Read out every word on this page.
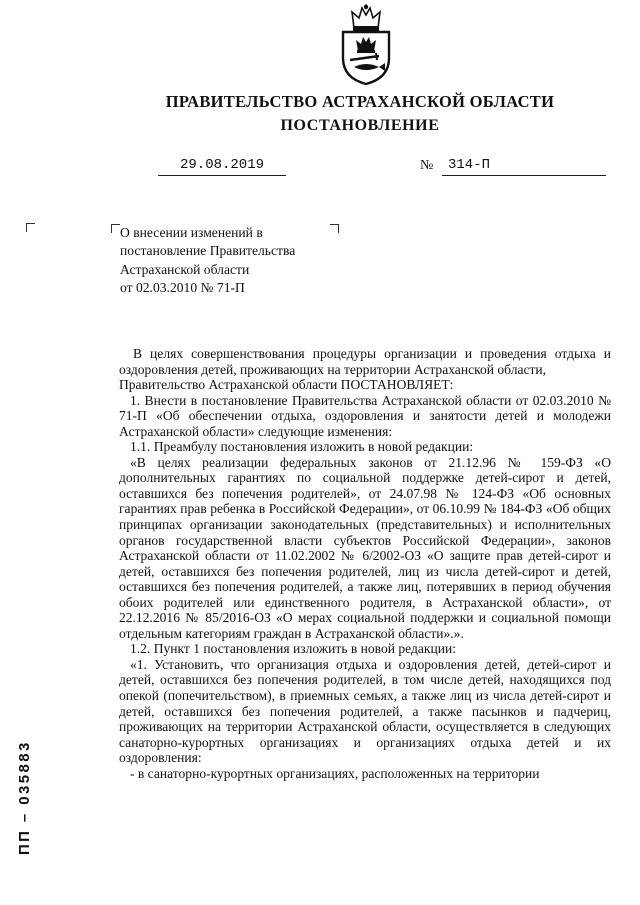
ПРАВИТЕЛЬСТВО АСТРАХАНСКОЙ ОБЛАСТИ
ПОСТАНОВЛЕНИЕ
29.08.2019	№ 314-П
О внесении изменений в
постановление Правительства
Астраханской области
от 02.03.2010 № 71-П
В целях совершенствования процедуры организации и проведения отдыха и оздоровления детей, проживающих на территории Астраханской области,
Правительство Астраханской области ПОСТАНОВЛЯЕТ:
1. Внести в постановление Правительства Астраханской области от 02.03.2010 № 71-П «Об обеспечении отдыха, оздоровления и занятости детей и молодежи Астраханской области» следующие изменения:
1.1. Преамбулу постановления изложить в новой редакции:
«В целях реализации федеральных законов от 21.12.96 № 159-ФЗ «О дополнительных гарантиях по социальной поддержке детей-сирот и детей, оставшихся без попечения родителей», от 24.07.98 № 124-ФЗ «Об основных гарантиях прав ребенка в Российской Федерации», от 06.10.99 № 184-ФЗ «Об общих принципах организации законодательных (представительных) и исполнительных органов государственной власти субъектов Российской Федерации», законов Астраханской области от 11.02.2002 № 6/2002-ОЗ «О защите прав детей-сирот и детей, оставшихся без попечения родителей, лиц из числа детей-сирот и детей, оставшихся без попечения родителей, а также лиц, потерявших в период обучения обоих родителей или единственного родителя, в Астраханской области», от 22.12.2016 № 85/2016-ОЗ «О мерах социальной поддержки и социальной помощи отдельным категориям граждан в Астраханской области».».
1.2. Пункт 1 постановления изложить в новой редакции:
«1. Установить, что организация отдыха и оздоровления детей, детей-сирот и детей, оставшихся без попечения родителей, в том числе детей, находящихся под опекой (попечительством), в приемных семьях, а также лиц из числа детей-сирот и детей, оставшихся без попечения родителей, а также пасынков и падчериц, проживающих на территории Астраханской области, осуществляется в следующих санаторно-курортных организациях и организациях отдыха детей и их оздоровления:
- в санаторно-курортных организациях, расположенных на территории
ПП – 035883
